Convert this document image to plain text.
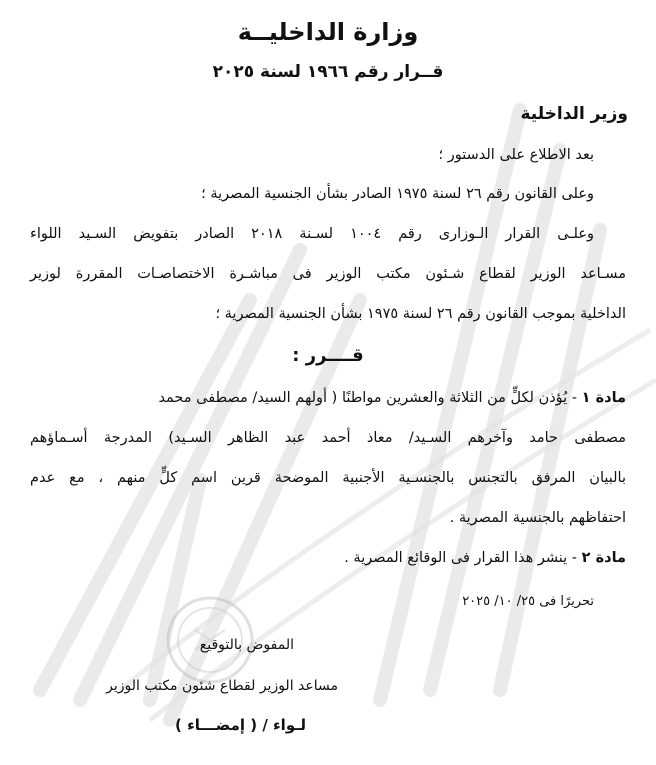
وزارة الداخليــة
قــرار رقم ١٩٦٦ لسنة ٢٠٢٥
وزير الداخلية
بعد الاطلاع على الدستور ؛
وعلى القانون رقم ٢٦ لسنة ١٩٧٥ الصادر بشأن الجنسية المصرية ؛
وعلـى القرار الـوزارى رقم ١٠٠٤ لسـنة ٢٠١٨ الصادر بتفويض السـيد اللواء
مسـاعد الوزير لقطاع شـئون مكتب الوزير فى مباشـرة الاختصاصـات المقررة لوزير
الداخلية بموجب القانون رقم ٢٦ لسنة ١٩٧٥ بشأن الجنسية المصرية ؛
قــــرر :
مادة ١ - يُؤذن لكلٍّ من الثلاثة والعشرين مواطنًا ( أولهم السيد/ مصطفى محمد
مصطفى حامد وآخرهم السـيد/ معاذ أحمد عبد الظاهر السـيد) المدرجة أسـماؤهم
بالبيان المرفق بالتجنس بالجنسـية الأجنبية الموضحة قرين اسم كلٍّ منهم ، مع عدم
احتفاظهم بالجنسية المصرية .
مادة ٢ - ينشر هذا القرار فى الوقائع المصرية .
تحريرًا فى ٢٥/ ١٠/ ٢٠٢٥
المفوض بالتوقيع
مساعد الوزير لقطاع شئون مكتب الوزير
لـواء / ( إمضـــاء )
